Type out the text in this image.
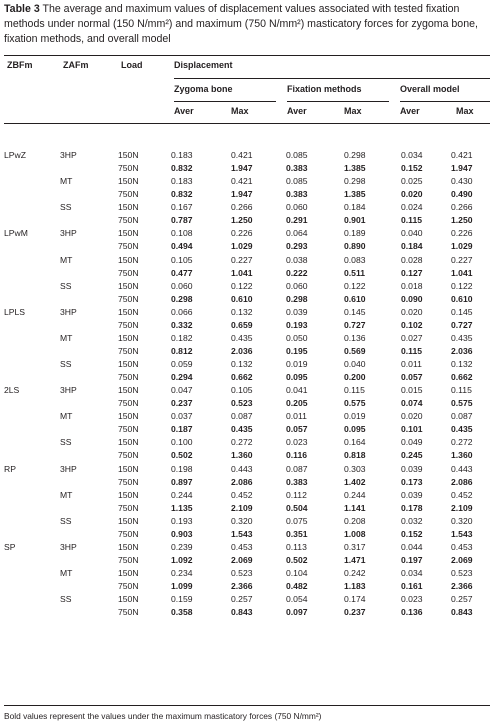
Table 3 The average and maximum values of displacement values associated with tested fixation methods under normal (150 N/mm²) and maximum (750 N/mm²) masticatory forces for zygoma bone, fixation methods, and overall model
ZBFm	ZAFm	Load	Displacement
Zygoma bone	Fixation methods	Overall model
Aver	Max	Aver	Max	Aver	Max
LPwZ	3HP	150N	0.183	0.421	0.085	0.298	0.034	0.421
		750N	0.832	1.947	0.383	1.385	0.152	1.947
	MT	150N	0.183	0.421	0.085	0.298	0.025	0.430
		750N	0.832	1.947	0.383	1.385	0.020	0.490
	SS	150N	0.167	0.266	0.060	0.184	0.024	0.266
		750N	0.787	1.250	0.291	0.901	0.115	1.250
LPwM	3HP	150N	0.108	0.226	0.064	0.189	0.040	0.226
		750N	0.494	1.029	0.293	0.890	0.184	1.029
	MT	150N	0.105	0.227	0.038	0.083	0.028	0.227
		750N	0.477	1.041	0.222	0.511	0.127	1.041
	SS	150N	0.060	0.122	0.060	0.122	0.018	0.122
		750N	0.298	0.610	0.298	0.610	0.090	0.610
LPLS	3HP	150N	0.066	0.132	0.039	0.145	0.020	0.145
		750N	0.332	0.659	0.193	0.727	0.102	0.727
	MT	150N	0.182	0.435	0.050	0.136	0.027	0.435
		750N	0.812	2.036	0.195	0.569	0.115	2.036
	SS	150N	0.059	0.132	0.019	0.040	0.011	0.132
		750N	0.294	0.662	0.095	0.200	0.057	0.662
2LS	3HP	150N	0.047	0.105	0.041	0.115	0.015	0.115
		750N	0.237	0.523	0.205	0.575	0.074	0.575
	MT	150N	0.037	0.087	0.011	0.019	0.020	0.087
		750N	0.187	0.435	0.057	0.095	0.101	0.435
	SS	150N	0.100	0.272	0.023	0.164	0.049	0.272
		750N	0.502	1.360	0.116	0.818	0.245	1.360
RP	3HP	150N	0.198	0.443	0.087	0.303	0.039	0.443
		750N	0.897	2.086	0.383	1.402	0.173	2.086
	MT	150N	0.244	0.452	0.112	0.244	0.039	0.452
		750N	1.135	2.109	0.504	1.141	0.178	2.109
	SS	150N	0.193	0.320	0.075	0.208	0.032	0.320
		750N	0.903	1.543	0.351	1.008	0.152	1.543
SP	3HP	150N	0.239	0.453	0.113	0.317	0.044	0.453
		750N	1.092	2.069	0.502	1.471	0.197	2.069
	MT	150N	0.234	0.523	0.104	0.242	0.034	0.523
		750N	1.099	2.366	0.482	1.183	0.161	2.366
	SS	150N	0.159	0.257	0.054	0.174	0.023	0.257
		750N	0.358	0.843	0.097	0.237	0.136	0.843
Bold values represent the values under the maximum masticatory forces (750 N/mm²)
